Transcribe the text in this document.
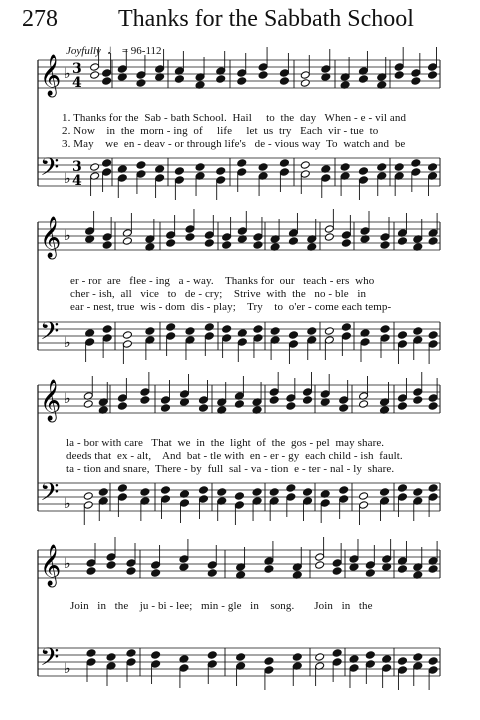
278	Thanks for the Sabbath School
Joyfully ♩ = 96-112
𝄞
𝄢
♭
♭
3
4
3
4
𝄞
𝄢
♭
♭
𝄞
𝄢
♭
♭
𝄞
𝄢
♭
♭
1. Thanks for the  Sab - bath School.  Hail     to  the  day   When - e - vil and
2. Now    in  the  morn - ing  of     life     let  us  try   Each  vir - tue  to
3. May    we  en - deav - or through life's   de - vious way  To  watch and  be
er - ror  are   flee - ing   a - way.    Thanks for  our   teach - ers  who
cher - ish,  all   vice   to   de - cry;    Strive  with  the   no - ble   in
ear - nest, true  wis - dom  dis - play;    Try    to  o'er - come each temp-
la - bor with care   That  we  in  the  light  of  the  gos - pel  may share.
deeds that  ex - alt,    And  bat - tle with  en - er - gy  each child - ish  fault.
ta - tion and snare,  There - by  full  sal - va - tion  e - ter - nal - ly  share.
Join   in   the    ju - bi - lee;   min - gle   in    song.       Join   in   the
